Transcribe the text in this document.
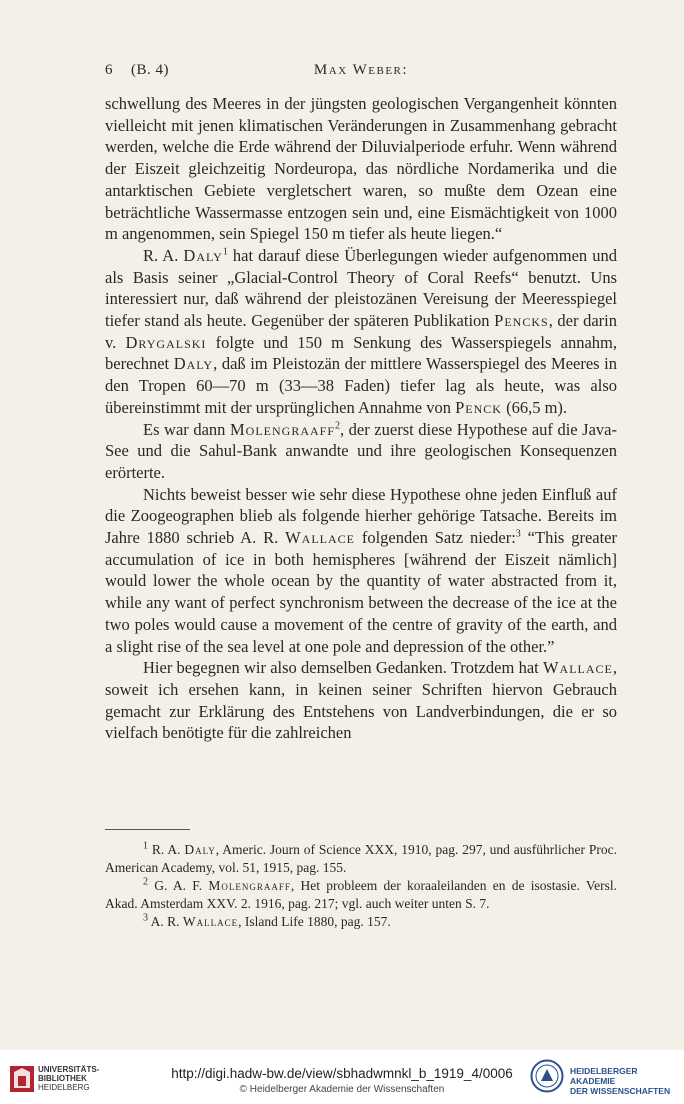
6 (B. 4)	Max Weber:

schwellung des Meeres in der jüngsten geologischen Vergangenheit könnten vielleicht mit jenen klimatischen Veränderungen in Zusammenhang gebracht werden, welche die Erde während der Diluvialperiode erfuhr. Wenn während der Eiszeit gleichzeitig Nordeuropa, das nördliche Nordamerika und die antarktischen Gebiete vergletschert waren, so mußte dem Ozean eine beträchtliche Wassermasse entzogen sein und, eine Eismächtigkeit von 1000 m angenommen, sein Spiegel 150 m tiefer als heute liegen.“

R. A. Daly$^1$ hat darauf diese Überlegungen wieder aufgenommen und als Basis seiner „Glacial-Control Theory of Coral Reefs“ benutzt. Uns interessiert nur, daß während der pleistozänen Vereisung der Meeresspiegel tiefer stand als heute. Gegenüber der späteren Publikation Pencks, der darin v. Drygalski folgte und 150 m Senkung des Wasserspiegels annahm, berechnet Daly, daß im Pleistozän der mittlere Wasserspiegel des Meeres in den Tropen 60—70 m (33—38 Faden) tiefer lag als heute, was also übereinstimmt mit der ursprünglichen Annahme von Penck (66,5 m).

Es war dann Molengraaff$^2$, der zuerst diese Hypothese auf die Java-See und die Sahul-Bank anwandte und ihre geologischen Konsequenzen erörterte.

Nichts beweist besser wie sehr diese Hypothese ohne jeden Einfluß auf die Zoogeographen blieb als folgende hierher gehörige Tatsache. Bereits im Jahre 1880 schrieb A. R. Wallace folgenden Satz nieder:$^3$ “This greater accumulation of ice in both hemispheres [während der Eiszeit nämlich] would lower the whole ocean by the quantity of water abstracted from it, while any want of perfect synchronism between the decrease of the ice at the two poles would cause a movement of the centre of gravity of the earth, and a slight rise of the sea level at one pole and depression of the other.”

Hier begegnen wir also demselben Gedanken. Trotzdem hat Wallace, soweit ich ersehen kann, in keinen seiner Schriften hiervon Gebrauch gemacht zur Erklärung des Entstehens von Landverbindungen, die er so vielfach benötigte für die zahlreichen

$^1$ R. A. Daly, Americ. Journ of Science XXX, 1910, pag. 297, und ausführlicher Proc. American Academy, vol. 51, 1915, pag. 155.

$^2$ G. A. F. Molengraaff, Het probleem der koraaleilanden en de isostasie. Versl. Akad. Amsterdam XXV. 2. 1916, pag. 217; vgl. auch weiter unten S. 7.

$^3$ A. R. Wallace, Island Life 1880, pag. 157.

UNIVERSITÄTS-
BIBLIOTHEK
HEIDELBERG
http://digi.hadw-bw.de/view/sbhadwmnkl_b_1919_4/0006
© Heidelberger Akademie der Wissenschaften
HEIDELBERGER AKADEMIE
DER WISSENSCHAFTEN
